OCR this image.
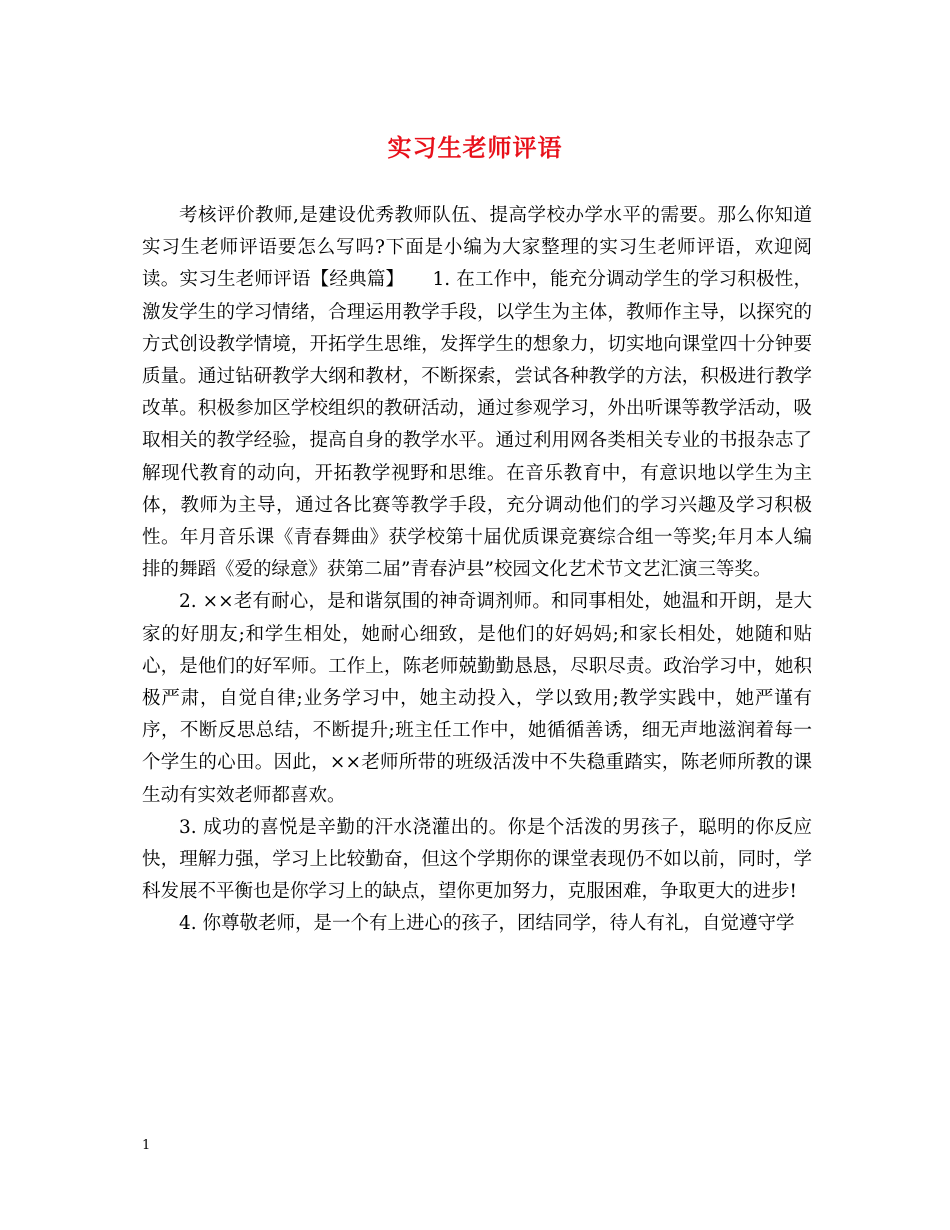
实习生老师评语

考核评价教师,是建设优秀教师队伍、提高学校办学水平的需要。那么你知道实习生老师评语要怎么写吗?下面是小编为大家整理的实习生老师评语，欢迎阅读。实习生老师评语【经典篇】　　1. 在工作中，能充分调动学生的学习积极性，激发学生的学习情绪，合理运用教学手段，以学生为主体，教师作主导，以探究的方式创设教学情境，开拓学生思维，发挥学生的想象力，切实地向课堂四十分钟要质量。通过钻研教学大纲和教材，不断探索，尝试各种教学的方法，积极进行教学改革。积极参加区学校组织的教研活动，通过参观学习，外出听课等教学活动，吸取相关的教学经验，提高自身的教学水平。通过利用网各类相关专业的书报杂志了解现代教育的动向，开拓教学视野和思维。在音乐教育中，有意识地以学生为主体，教师为主导，通过各比赛等教学手段，充分调动他们的学习兴趣及学习积极性。年月音乐课《青春舞曲》获学校第十届优质课竞赛综合组一等奖;年月本人编排的舞蹈《爱的绿意》获第二届”青春泸县”校园文化艺术节文艺汇演三等奖。

2. ××老有耐心，是和谐氛围的神奇调剂师。和同事相处，她温和开朗，是大家的好朋友;和学生相处，她耐心细致，是他们的好妈妈;和家长相处，她随和贴心，是他们的好军师。工作上，陈老师兢勤勤恳恳，尽职尽责。政治学习中，她积极严肃，自觉自律;业务学习中，她主动投入，学以致用;教学实践中，她严谨有序，不断反思总结，不断提升;班主任工作中，她循循善诱，细无声地滋润着每一个学生的心田。因此，××老师所带的班级活泼中不失稳重踏实，陈老师所教的课生动有实效老师都喜欢。

3. 成功的喜悦是辛勤的汗水浇灌出的。你是个活泼的男孩子，聪明的你反应快，理解力强，学习上比较勤奋，但这个学期你的课堂表现仍不如以前，同时，学科发展不平衡也是你学习上的缺点，望你更加努力，克服困难，争取更大的进步!

4. 你尊敬老师，是一个有上进心的孩子，团结同学，待人有礼，自觉遵守学

1
